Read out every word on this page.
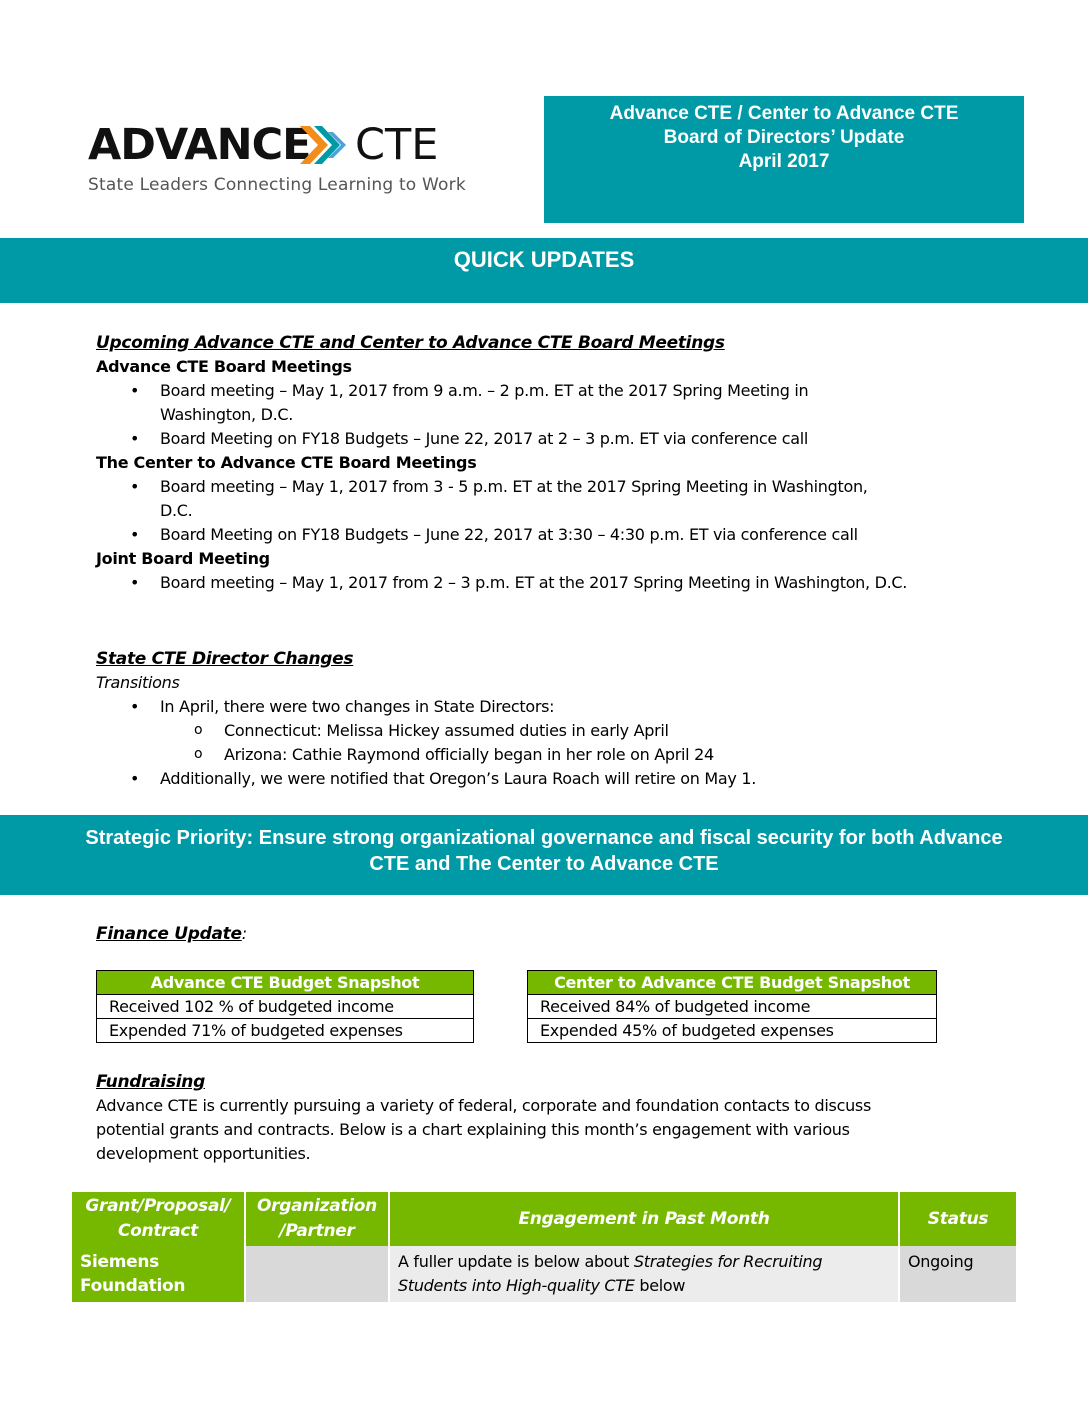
ADVANCE CTE
State Leaders Connecting Learning to Work
Advance CTE / Center to Advance CTE
Board of Directors’ Update
April 2017
QUICK UPDATES
Upcoming Advance CTE and Center to Advance CTE Board Meetings
Advance CTE Board Meetings
• Board meeting – May 1, 2017 from 9 a.m. – 2 p.m. ET at the 2017 Spring Meeting in Washington, D.C.
• Board Meeting on FY18 Budgets – June 22, 2017 at 2 – 3 p.m. ET via conference call
The Center to Advance CTE Board Meetings
• Board meeting – May 1, 2017 from 3 - 5 p.m. ET at the 2017 Spring Meeting in Washington, D.C.
• Board Meeting on FY18 Budgets – June 22, 2017 at 3:30 – 4:30 p.m. ET via conference call
Joint Board Meeting
• Board meeting – May 1, 2017 from 2 – 3 p.m. ET at the 2017 Spring Meeting in Washington, D.C.
State CTE Director Changes
Transitions
• In April, there were two changes in State Directors:
o Connecticut: Melissa Hickey assumed duties in early April
o Arizona: Cathie Raymond officially began in her role on April 24
• Additionally, we were notified that Oregon’s Laura Roach will retire on May 1.
Strategic Priority: Ensure strong organizational governance and fiscal security for both Advance
CTE and The Center to Advance CTE
Finance Update:
Advance CTE Budget Snapshot
Received 102 % of budgeted income
Expended 71% of budgeted expenses
Center to Advance CTE Budget Snapshot
Received 84% of budgeted income
Expended 45% of budgeted expenses
Fundraising
Advance CTE is currently pursuing a variety of federal, corporate and foundation contacts to discuss potential grants and contracts. Below is a chart explaining this month’s engagement with various development opportunities.
Grant/Proposal/ Contract	Organization /Partner	Engagement in Past Month	Status
Siemens Foundation		A fuller update is below about Strategies for Recruiting Students into High-quality CTE below	Ongoing
